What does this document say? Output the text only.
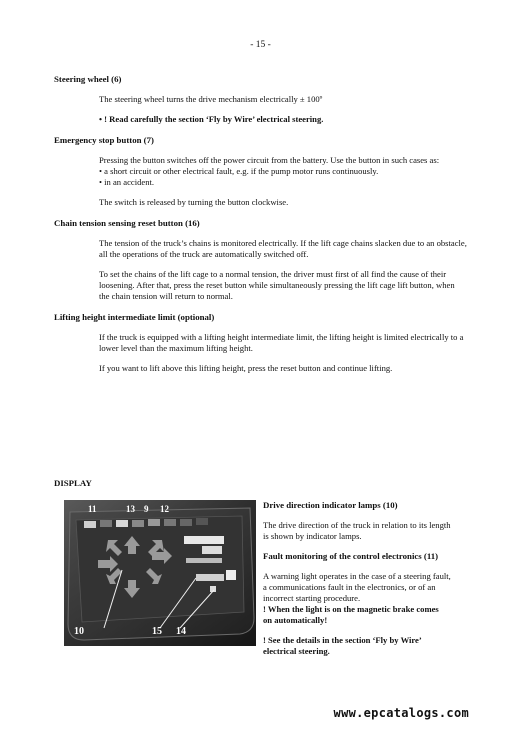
- 15 -
Steering wheel (6)

The steering wheel turns the drive mechanism electrically ± 100º

• ! Read carefully the section ‘Fly by Wire’ electrical steering.

Emergency stop button (7)

Pressing the button switches off the power circuit from the battery. Use the button in such cases as:

• a short circuit or other electrical fault, e.g. if the pump motor runs continuously.

• in an accident.

The switch is released by turning the button clockwise.

Chain tension sensing reset button (16)

The tension of the truck’s chains is monitored electrically. If the lift cage chains slacken due to an obstacle,

all the operations of the truck are automatically switched off.

To set the chains of the lift cage to a normal tension, the driver must first of all find the cause of their

loosening. After that, press the reset button while simultaneously pressing the lift cage lift button, when

the chain tension will return to normal.

Lifting height intermediate limit (optional)

If the truck is equipped with a lifting height intermediate limit, the lifting height is limited electrically to a

lower level than the maximum lifting height.

If you want to lift above this lifting height, press the reset button and continue lifting.

DISPLAY
11	13 9 12
10	15 14
Drive direction indicator lamps (10)

The drive direction of the truck in relation to its length

is shown by indicator lamps.

Fault monitoring of the control electronics (11)

A warning light operates in the case of a steering fault,

a communications fault in the electronics, or of an

incorrect starting procedure.

! When the light is on the magnetic brake comes

on automatically!

! See the details in the section ‘Fly by Wire’

electrical steering.

www.epcatalogs.com
